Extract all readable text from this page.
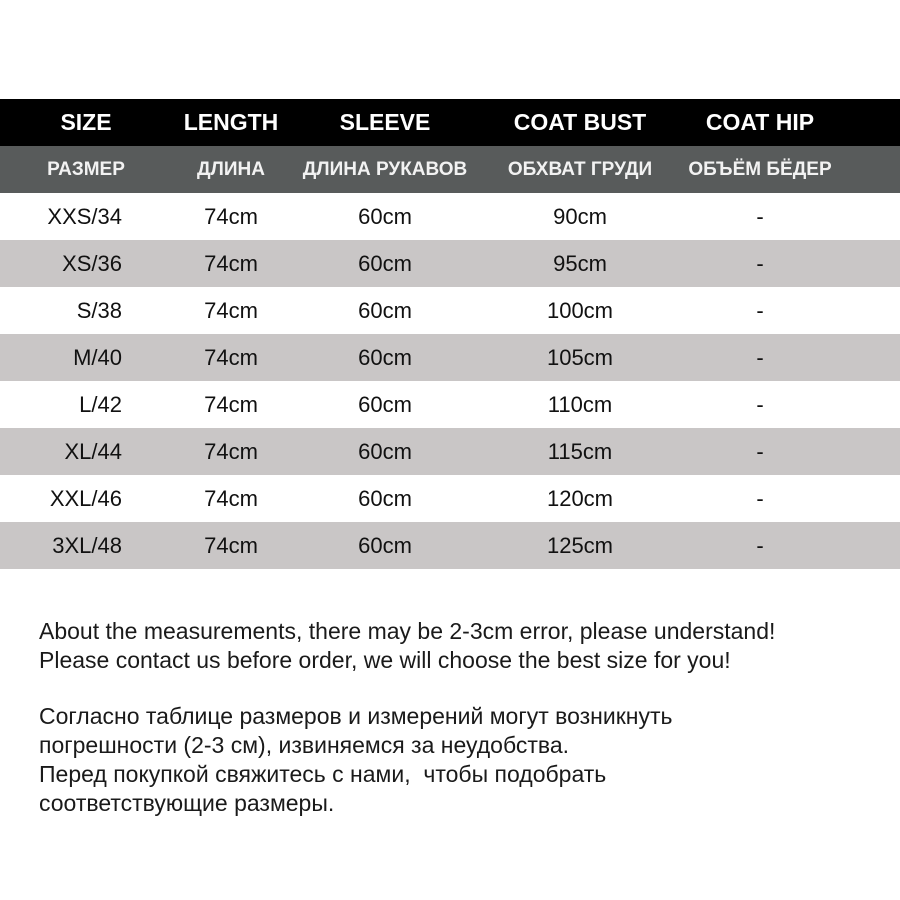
SIZE	LENGTH	SLEEVE	COAT BUST	COAT HIP
РАЗМЕР	ДЛИНА	ДЛИНА РУКАВОВ	ОБХВАТ ГРУДИ	ОБЪЁМ БЁДЕР
XXS/34	74cm	60cm	90cm	-
XS/36	74cm	60cm	95cm	-
S/38	74cm	60cm	100cm	-
M/40	74cm	60cm	105cm	-
L/42	74cm	60cm	110cm	-
XL/44	74cm	60cm	115cm	-
XXL/46	74cm	60cm	120cm	-
3XL/48	74cm	60cm	125cm	-
About the measurements, there may be 2-3cm error, please understand!
Please contact us before order, we will choose the best size for you!
Согласно таблице размеров и измерений могут возникнуть
погрешности (2-3 см), извиняемся за неудобства.
Перед покупкой свяжитесь с нами,  чтобы подобрать
соответствующие размеры.
